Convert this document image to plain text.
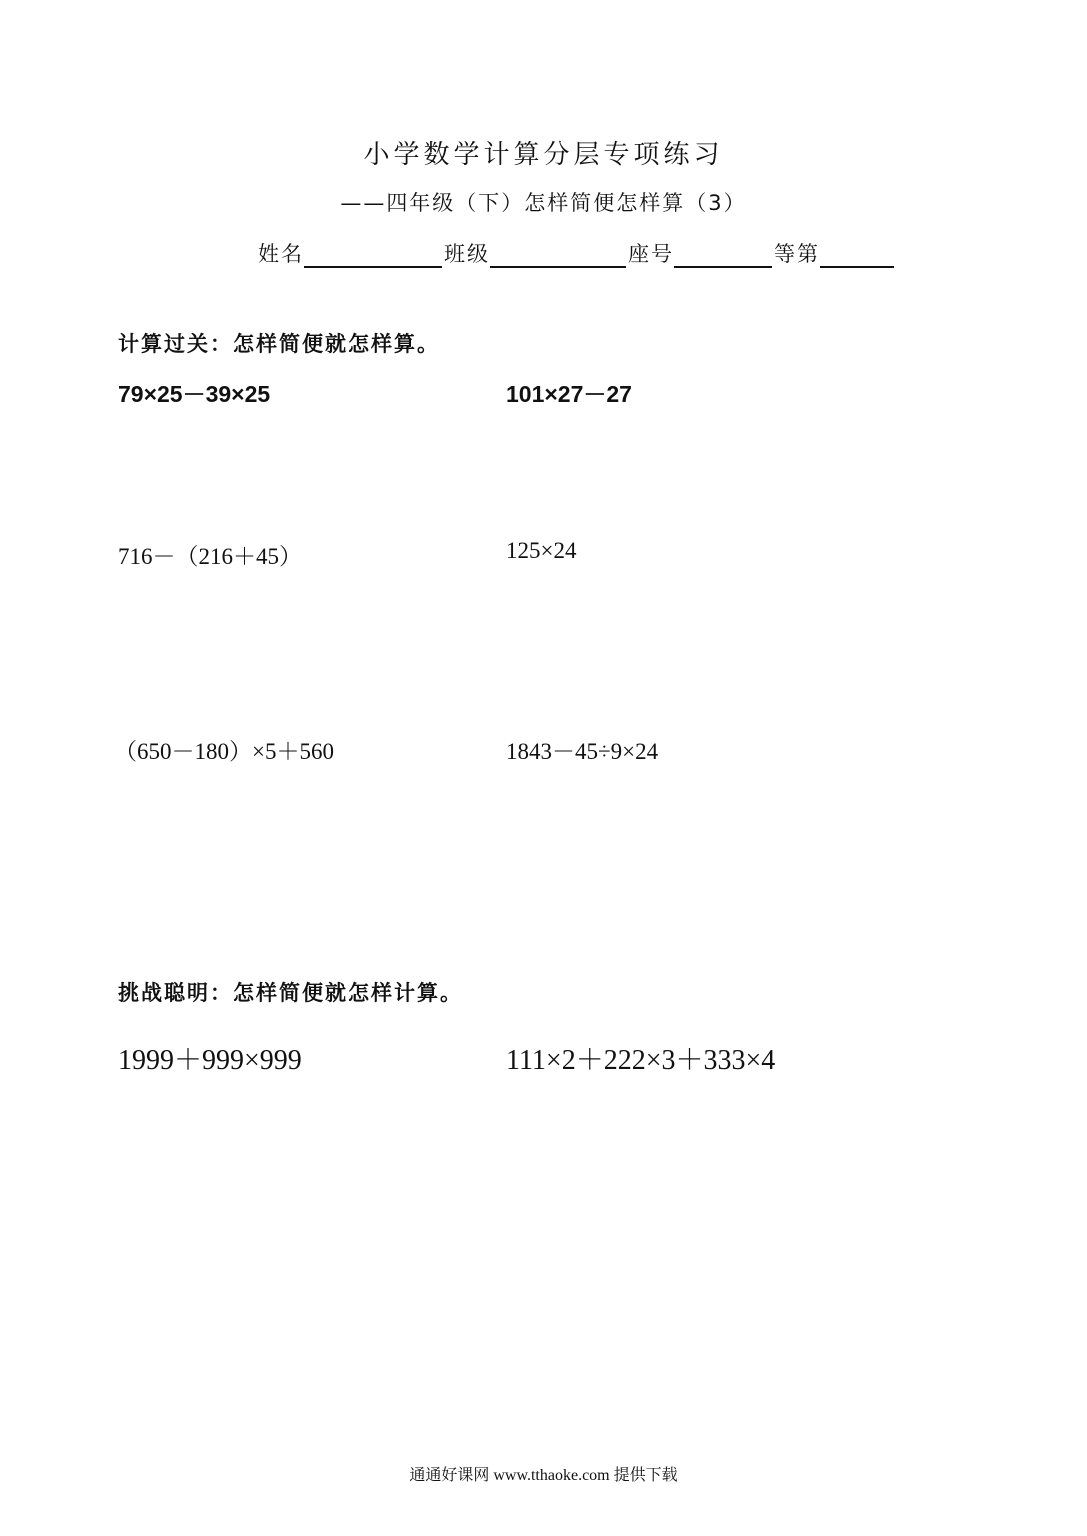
小学数学计算分层专项练习
——四年级（下）怎样简便怎样算（3）
姓名	班级	座号	等第
计算过关：怎样简便就怎样算。
79×25－39×25	101×27－27
716－（216＋45）	125×24
（650－180）×5＋560	1843－45÷9×24
挑战聪明：怎样简便就怎样计算。
1999＋999×999	111×2＋222×3＋333×4
通通好课网 www.tthaoke.com 提供下载
